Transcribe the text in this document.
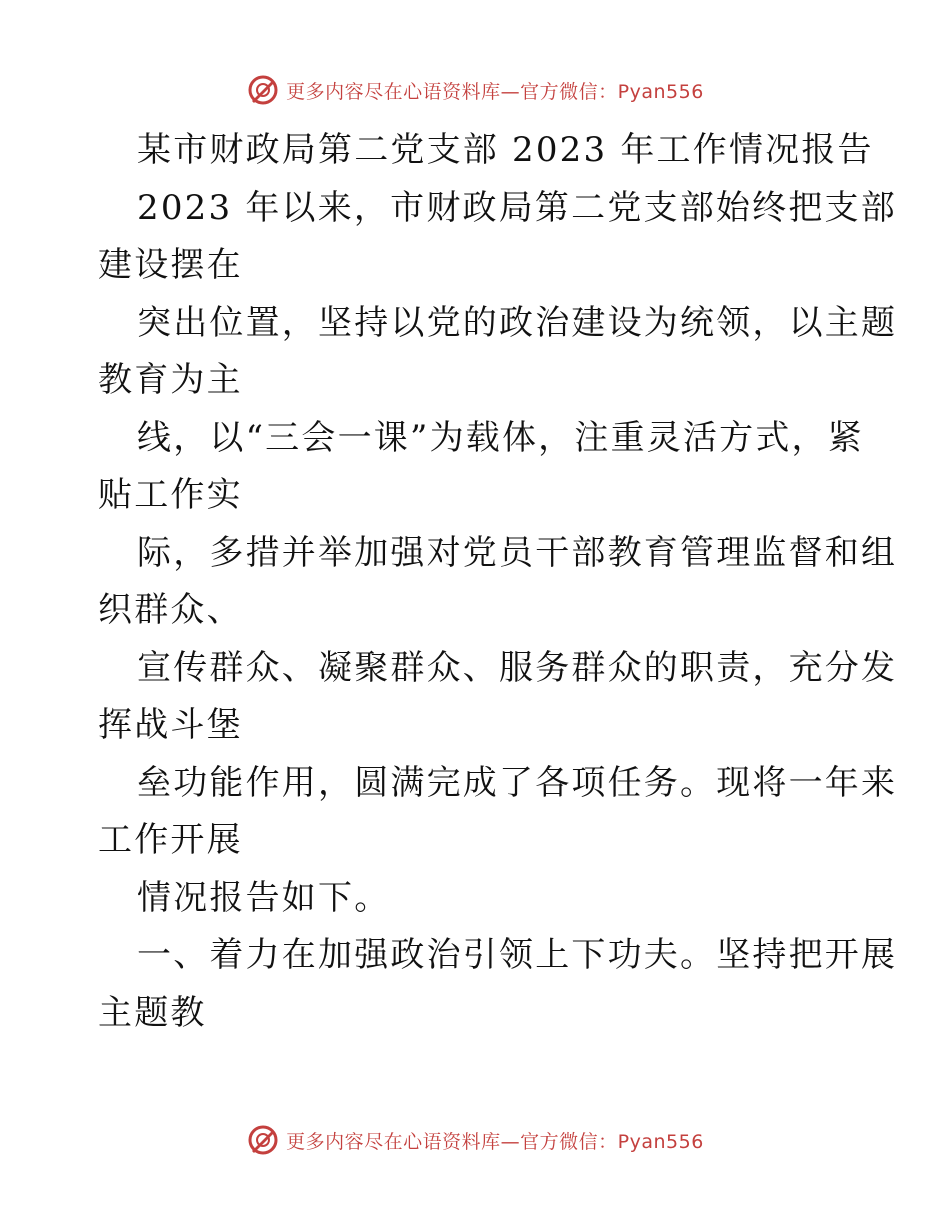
更多内容尽在心语资料库—官方微信：Pyan556
某市财政局第二党支部 2023 年工作情况报告
2023 年以来，市财政局第二党支部始终把支部
建设摆在
突出位置，坚持以党的政治建设为统领，以主题
教育为主
线，以“三会一课”为载体，注重灵活方式，紧
贴工作实
际，多措并举加强对党员干部教育管理监督和组
织群众、
宣传群众、凝聚群众、服务群众的职责，充分发
挥战斗堡
垒功能作用，圆满完成了各项任务。现将一年来
工作开展
情况报告如下。
一、着力在加强政治引领上下功夫。坚持把开展
主题教
更多内容尽在心语资料库—官方微信：Pyan556
